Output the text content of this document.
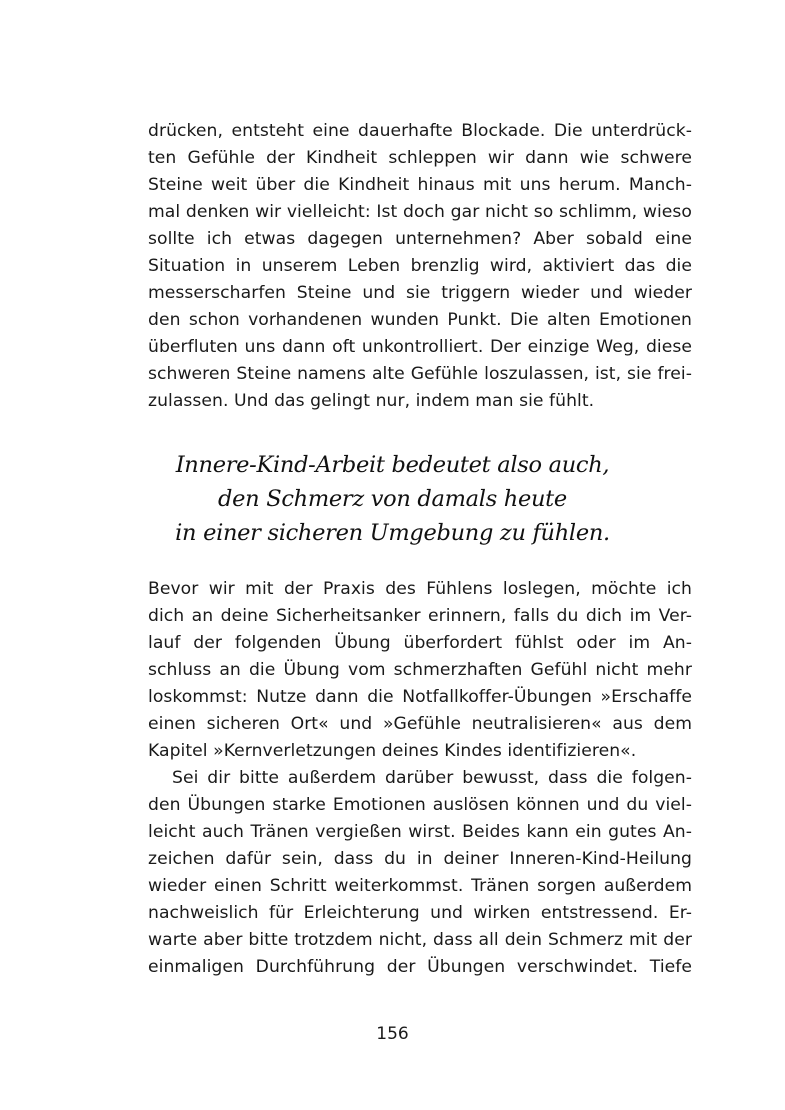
drücken, entsteht eine dauerhafte Blockade. Die unterdrück-
ten Gefühle der Kindheit schleppen wir dann wie schwere
Steine weit über die Kindheit hinaus mit uns herum. Manch-
mal denken wir vielleicht: Ist doch gar nicht so schlimm, wieso
sollte ich etwas dagegen unternehmen? Aber sobald eine
Situation in unserem Leben brenzlig wird, aktiviert das die
messerscharfen Steine und sie triggern wieder und wieder
den schon vorhandenen wunden Punkt. Die alten Emotionen
überfluten uns dann oft unkontrolliert. Der einzige Weg, diese
schweren Steine namens alte Gefühle loszulassen, ist, sie frei-
zulassen. Und das gelingt nur, indem man sie fühlt.
Innere-Kind-Arbeit bedeutet also auch,
den Schmerz von damals heute
in einer sicheren Umgebung zu fühlen.
Bevor wir mit der Praxis des Fühlens loslegen, möchte ich
dich an deine Sicherheitsanker erinnern, falls du dich im Ver-
lauf der folgenden Übung überfordert fühlst oder im An-
schluss an die Übung vom schmerzhaften Gefühl nicht mehr
loskommst: Nutze dann die Notfallkoffer-Übungen »Erschaffe
einen sicheren Ort« und »Gefühle neutralisieren« aus dem
Kapitel »Kernverletzungen deines Kindes identifizieren«.
Sei dir bitte außerdem darüber bewusst, dass die folgen-
den Übungen starke Emotionen auslösen können und du viel-
leicht auch Tränen vergießen wirst. Beides kann ein gutes An-
zeichen dafür sein, dass du in deiner Inneren-Kind-Heilung
wieder einen Schritt weiterkommst. Tränen sorgen außerdem
nachweislich für Erleichterung und wirken entstressend. Er-
warte aber bitte trotzdem nicht, dass all dein Schmerz mit der
einmaligen Durchführung der Übungen verschwindet. Tiefe
156
